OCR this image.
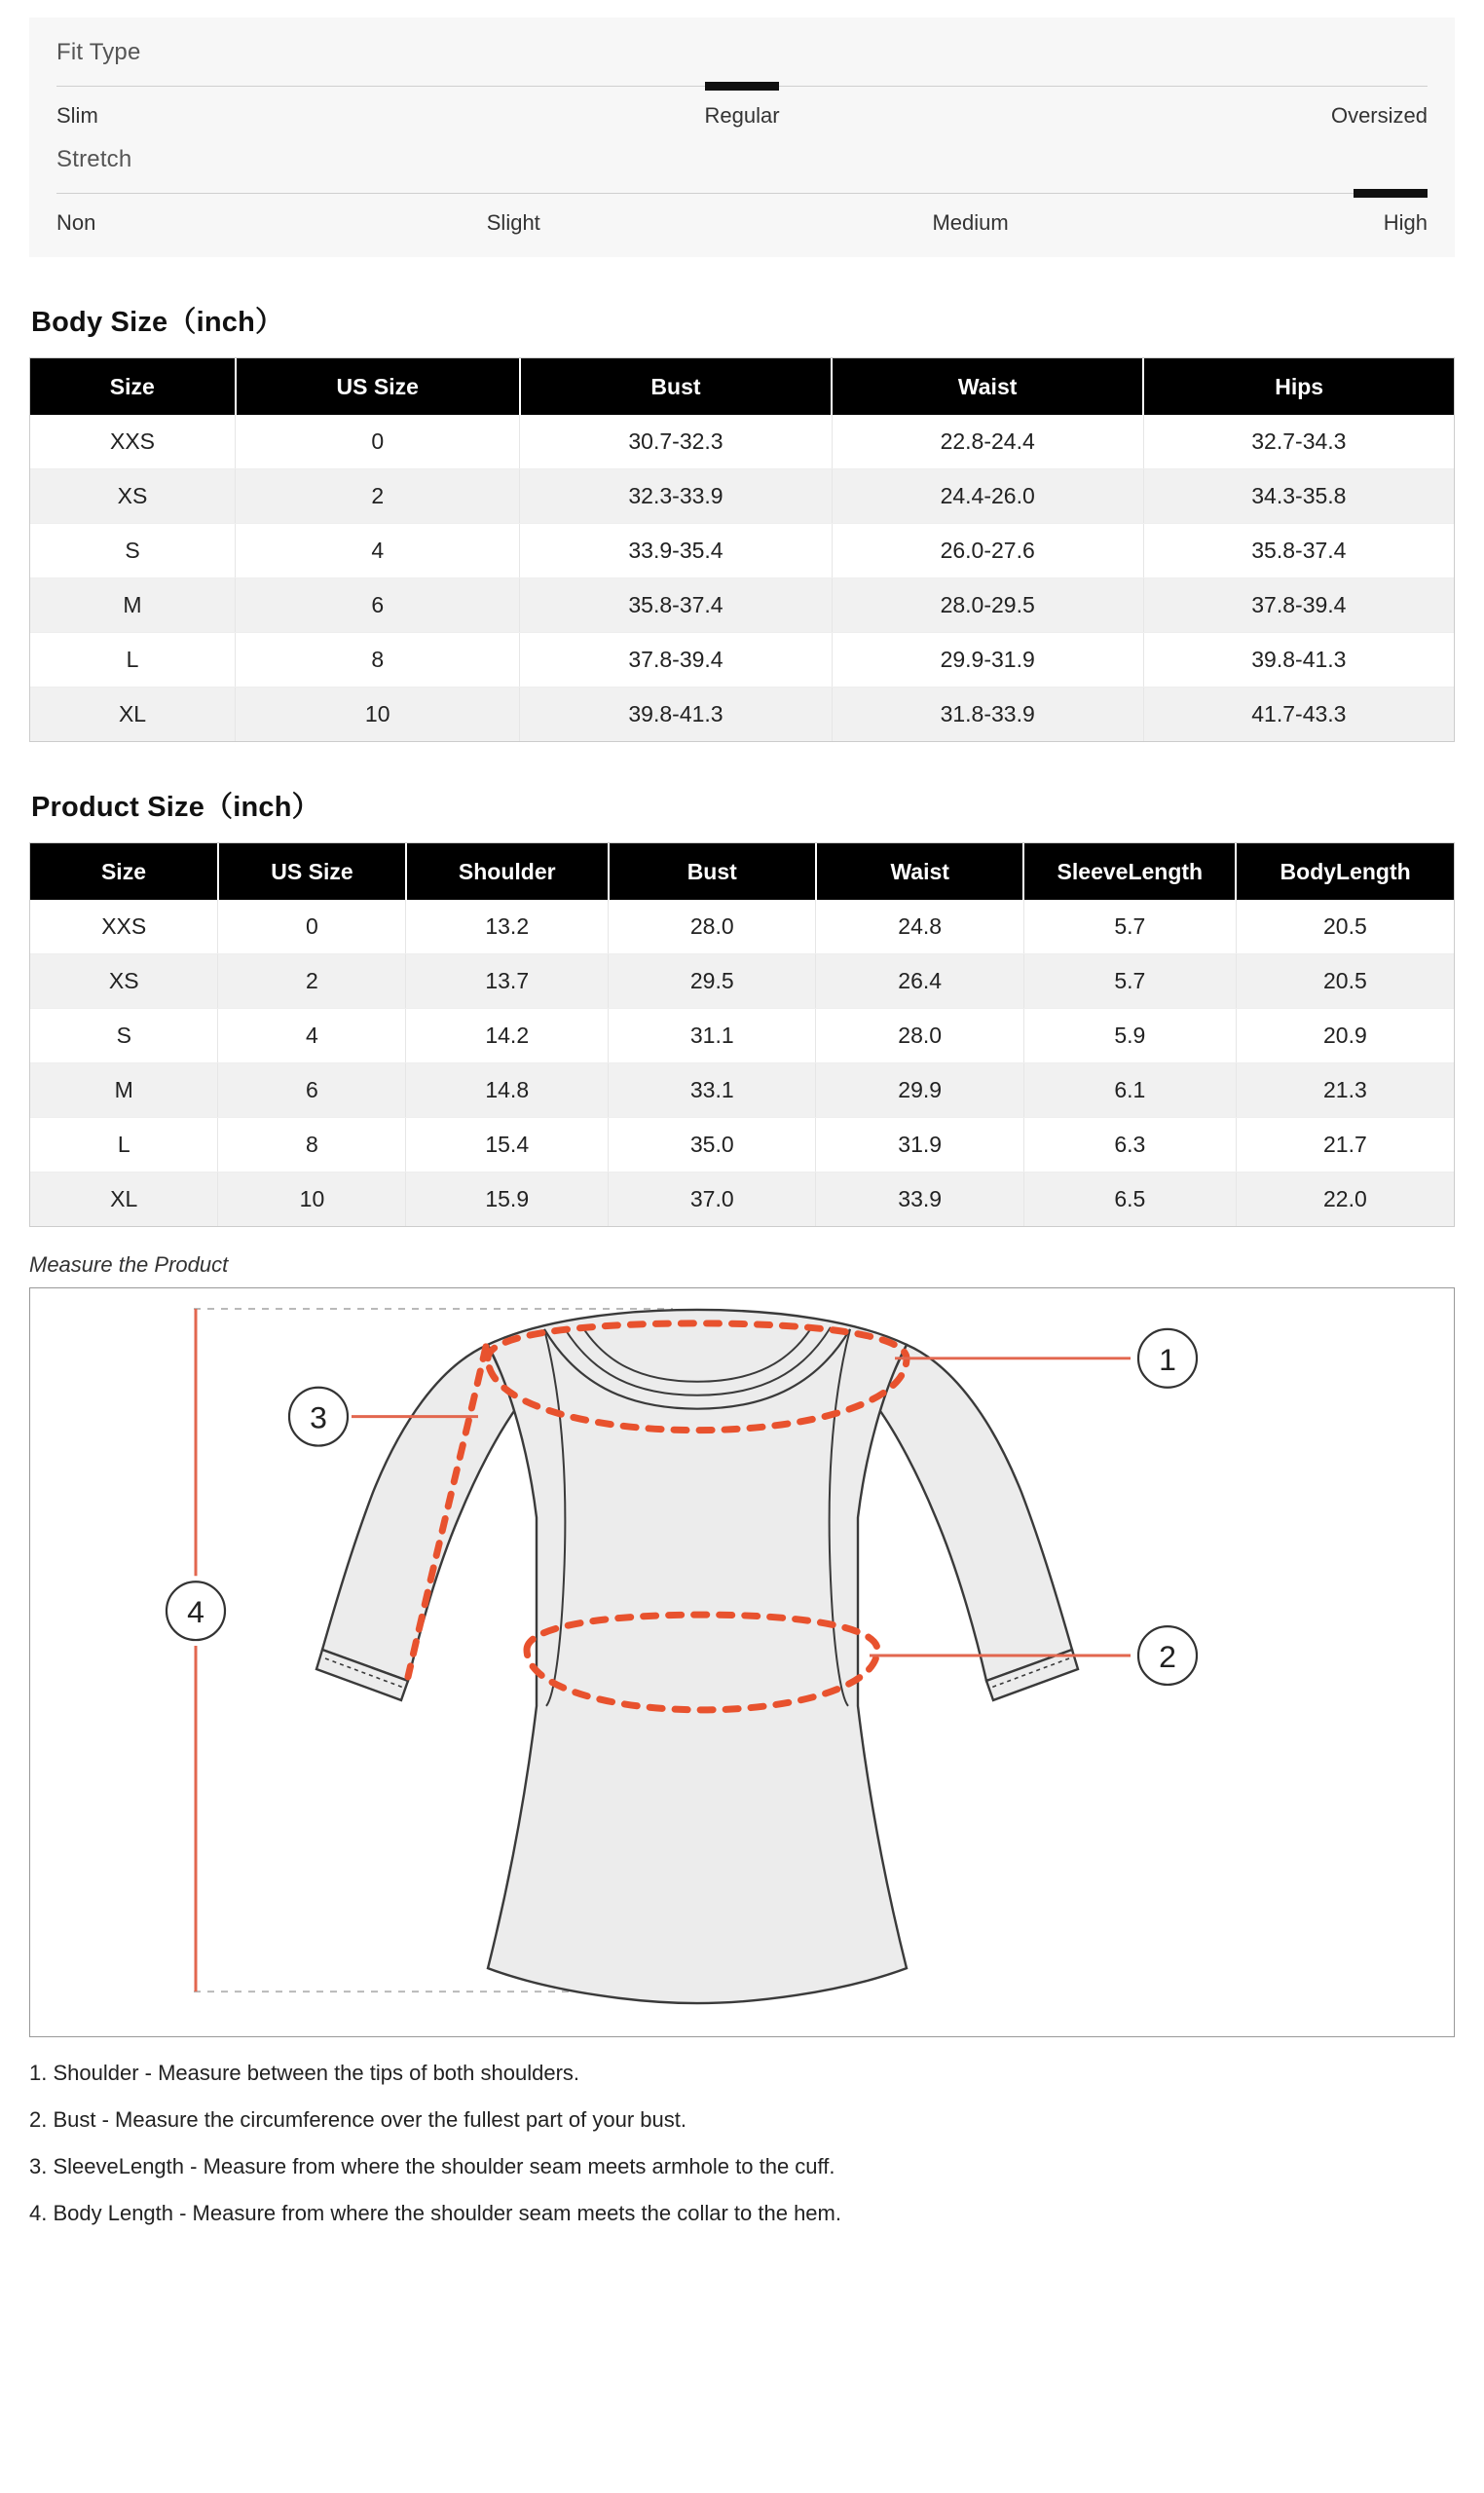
Fit Type
Slim	Regular	Oversized
Stretch
Non	Slight	Medium	High
Body Size（inch）
Size	US Size	Bust	Waist	Hips
XXS	0	30.7-32.3	22.8-24.4	32.7-34.3
XS	2	32.3-33.9	24.4-26.0	34.3-35.8
S	4	33.9-35.4	26.0-27.6	35.8-37.4
M	6	35.8-37.4	28.0-29.5	37.8-39.4
L	8	37.8-39.4	29.9-31.9	39.8-41.3
XL	10	39.8-41.3	31.8-33.9	41.7-43.3
Product Size（inch）
Size	US Size	Shoulder	Bust	Waist	SleeveLength	BodyLength
XXS	0	13.2	28.0	24.8	5.7	20.5
XS	2	13.7	29.5	26.4	5.7	20.5
S	4	14.2	31.1	28.0	5.9	20.9
M	6	14.8	33.1	29.9	6.1	21.3
L	8	15.4	35.0	31.9	6.3	21.7
XL	10	15.9	37.0	33.9	6.5	22.0
Measure the Product
1
2
3
4
1. Shoulder - Measure between the tips of both shoulders.
2. Bust - Measure the circumference over the fullest part of your bust.
3. SleeveLength - Measure from where the shoulder seam meets armhole to the cuff.
4. Body Length - Measure from where the shoulder seam meets the collar to the hem.
